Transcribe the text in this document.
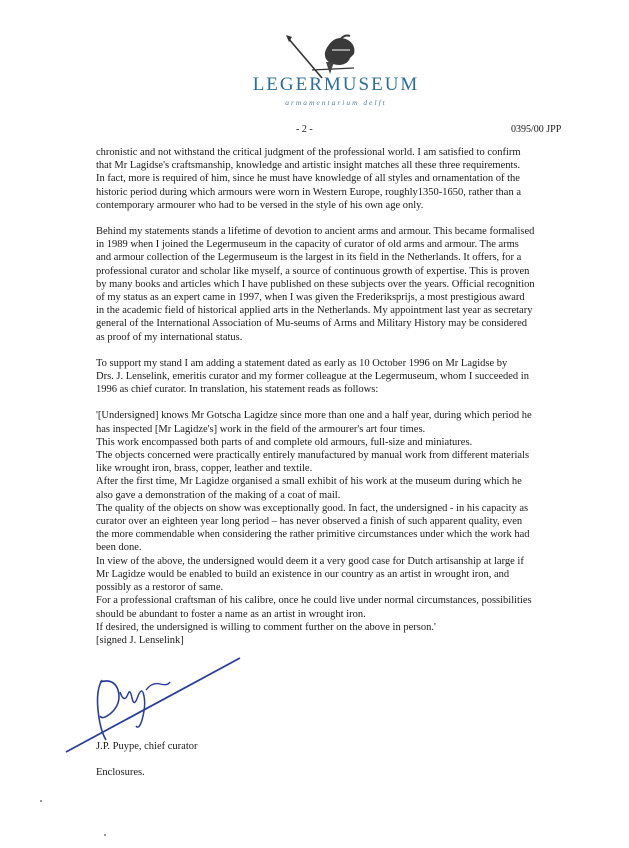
LEGERMUSEUM
armamentarium delft
- 2 -	0395/00 JPP

chronistic and not withstand the critical judgment of the professional world. I am satisfied to confirm

that Mr Lagidse's craftsmanship, knowledge and artistic insight matches all these three requirements.

In fact, more is required of him, since he must have knowledge of all styles and ornamentation of the

historic period during which armours were worn in Western Europe, roughly1350-1650, rather than a

contemporary armourer who had to be versed in the style of his own age only.

Behind my statements stands a lifetime of devotion to ancient arms and armour. This became formalised

in 1989 when I joined the Legermuseum in the capacity of curator of old arms and armour. The arms

and armour collection of the Legermuseum is the largest in its field in the Netherlands. It offers, for a

professional curator and scholar like myself, a source of continuous growth of expertise. This is proven

by many books and articles which I have published on these subjects over the years. Official recognition

of my status as an expert came in 1997, when I was given the Frederiksprijs, a most prestigious award

in the academic field of historical applied arts in the Netherlands. My appointment last year as secretary

general of the International Association of Mu-seums of Arms and Military History may be considered

as proof of my international status.

To support my stand I am adding a statement dated as early as 10 October 1996 on Mr Lagidse by

Drs. J. Lenselink, emeritis curator and my former colleague at the Legermuseum, whom I succeeded in

1996 as chief curator. In translation, his statement reads as follows:

'[Undersigned] knows Mr Gotscha Lagidze since more than one and a half year, during which period he

has inspected [Mr Lagidze's] work in the field of the armourer's art four times.

This work encompassed both parts of and complete old armours, full-size and miniatures.

The objects concerned were practically entirely manufactured by manual work from different materials

like wrought iron, brass, copper, leather and textile.

After the first time, Mr Lagidze organised a small exhibit of his work at the museum during which he

also gave a demonstration of the making of a coat of mail.

The quality of the objects on show was exceptionally good. In fact, the undersigned - in his capacity as

curator over an eighteen year long period – has never observed a finish of such apparent quality, even

the more commendable when considering the rather primitive circumstances under which the work had

been done.

In view of the above, the undersigned would deem it a very good case for Dutch artisanship at large if

Mr Lagidze would be enabled to build an existence in our country as an artist in wrought iron, and

possibly as a restoror of same.

For a professional craftsman of his calibre, once he could live under normal circumstances, possibilities

should be abundant to foster a name as an artist in wrought iron.

If desired, the undersigned is willing to comment further on the above in person.'

[signed J. Lenselink]

J.P. Puype, chief curator
Enclosures.
